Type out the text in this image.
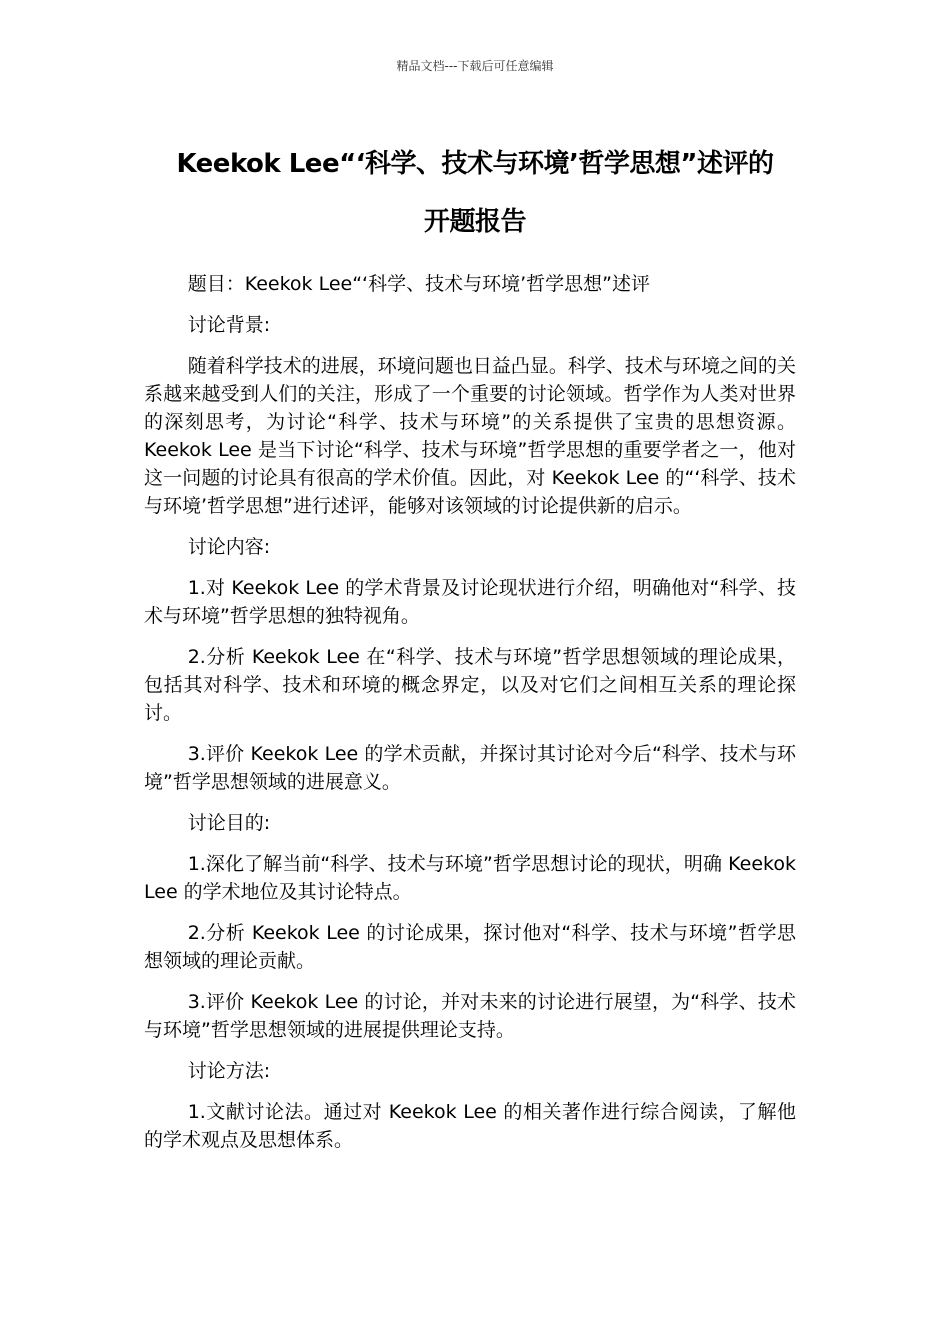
精品文档---下载后可任意编辑
Keekok Lee“‘科学、技术与环境’哲学思想”述评的
开题报告

题目：Keekok Lee“‘科学、技术与环境’哲学思想”述评

讨论背景:

随着科学技术的进展，环境问题也日益凸显。科学、技术与环境之间的关系越来越受到人们的关注，形成了一个重要的讨论领域。哲学作为人类对世界的深刻思考，为讨论“科学、技术与环境”的关系提供了宝贵的思想资源。Keekok Lee 是当下讨论“科学、技术与环境”哲学思想的重要学者之一，他对这一问题的讨论具有很高的学术价值。因此，对 Keekok Lee 的“‘科学、技术与环境’哲学思想”进行述评，能够对该领域的讨论提供新的启示。

讨论内容:

1.对 Keekok Lee 的学术背景及讨论现状进行介绍，明确他对“科学、技术与环境”哲学思想的独特视角。

2.分析 Keekok Lee 在“科学、技术与环境”哲学思想领域的理论成果，包括其对科学、技术和环境的概念界定，以及对它们之间相互关系的理论探讨。

3.评价 Keekok Lee 的学术贡献，并探讨其讨论对今后“科学、技术与环境”哲学思想领域的进展意义。

讨论目的:

1.深化了解当前“科学、技术与环境”哲学思想讨论的现状，明确 Keekok Lee 的学术地位及其讨论特点。

2.分析 Keekok Lee 的讨论成果，探讨他对“科学、技术与环境”哲学思想领域的理论贡献。

3.评价 Keekok Lee 的讨论，并对未来的讨论进行展望，为“科学、技术与环境”哲学思想领域的进展提供理论支持。

讨论方法:

1.文献讨论法。通过对 Keekok Lee 的相关著作进行综合阅读，了解他的学术观点及思想体系。
